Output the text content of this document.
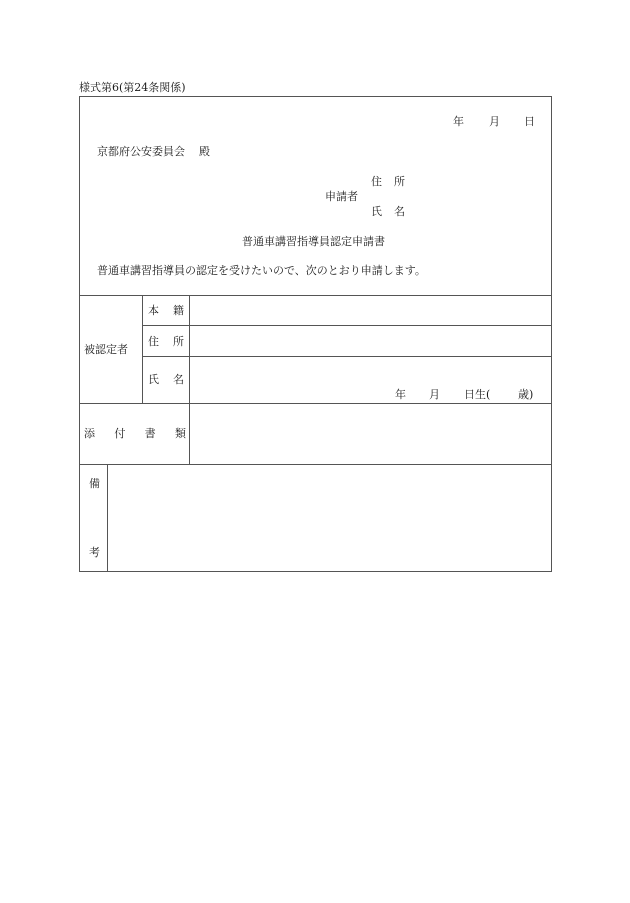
様式第6(第24条関係)
年 月 日
京都府公安委員会 殿
申請者
住 所
氏 名
普通車講習指導員認定申請書
普通車講習指導員の認定を受けたいので、次のとおり申請します。
被認定者
本 籍
住 所
氏 名
年 月 日生(	歳)
添 付 書 類
備
考
